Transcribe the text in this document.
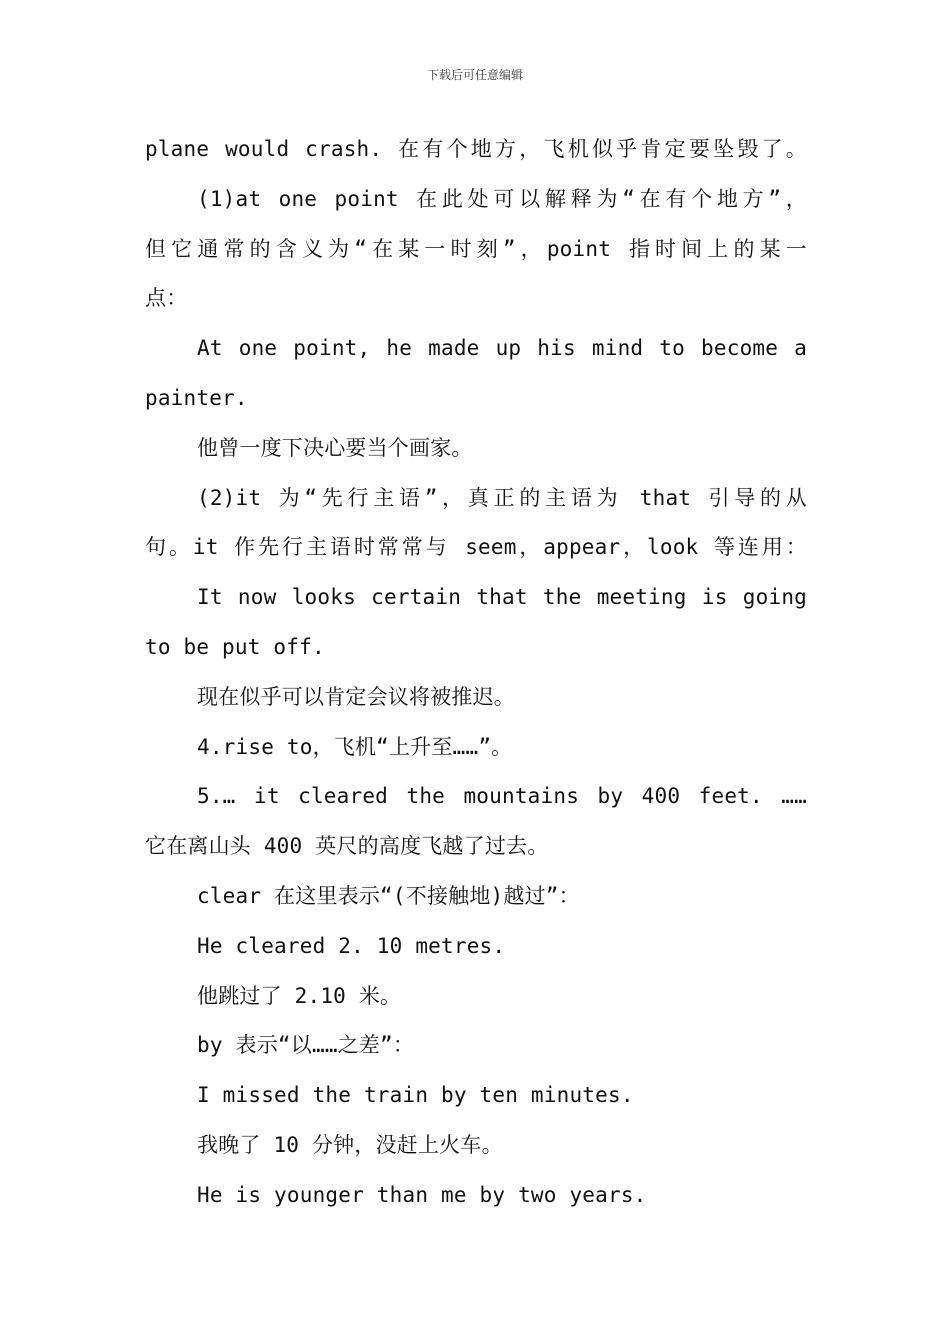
下载后可任意编辑
plane would crash. 在有个地方，飞机似乎肯定要坠毁了。
(1)at one point 在此处可以解释为“在有个地方”，
但它通常的含义为“在某一时刻”，point 指时间上的某一
点：
At one point, he made up his mind to become a
painter.
他曾一度下决心要当个画家。
(2)it 为“先行主语”，真正的主语为 that 引导的从
句。it 作先行主语时常常与 seem，appear，look 等连用：
It now looks certain that the meeting is going
to be put off.
现在似乎可以肯定会议将被推迟。
4.rise to，飞机“上升至……”。
5.… it cleared the mountains by 400 feet. ……
它在离山头 400 英尺的高度飞越了过去。
clear 在这里表示“(不接触地)越过”：
He cleared 2. 10 metres.
他跳过了 2.10 米。
by 表示“以……之差”：
I missed the train by ten minutes.
我晚了 10 分钟，没赶上火车。
He is younger than me by two years.
